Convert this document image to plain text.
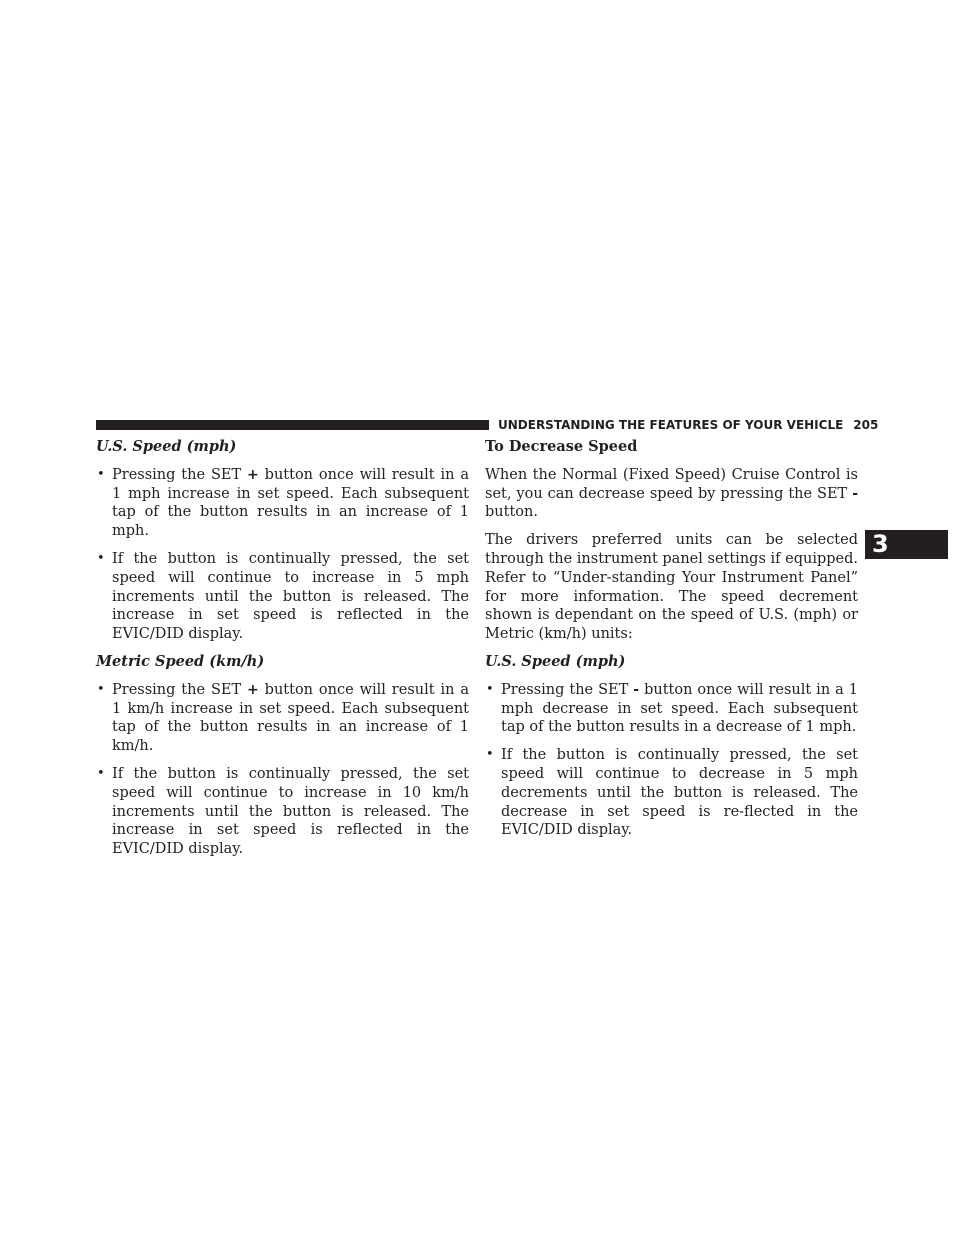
UNDERSTANDING THE FEATURES OF YOUR VEHICLE 205
3

U.S. Speed (mph)

• Pressing the SET + button once will result in a 1 mph increase in set speed. Each subsequent tap of the button results in an increase of 1 mph.
• If the button is continually pressed, the set speed will continue to increase in 5 mph increments until the button is released. The increase in set speed is reflected in the EVIC/DID display.

Metric Speed (km/h)

• Pressing the SET + button once will result in a 1 km/h increase in set speed. Each subsequent tap of the button results in an increase of 1 km/h.
• If the button is continually pressed, the set speed will continue to increase in 10 km/h increments until the button is released. The increase in set speed is reflected in the EVIC/DID display.

To Decrease Speed

When the Normal (Fixed Speed) Cruise Control is set, you can decrease speed by pressing the SET - button.

The drivers preferred units can be selected through the instrument panel settings if equipped. Refer to “Under-standing Your Instrument Panel” for more information. The speed decrement shown is dependant on the speed of U.S. (mph) or Metric (km/h) units:

U.S. Speed (mph)

• Pressing the SET - button once will result in a 1 mph decrease in set speed. Each subsequent tap of the button results in a decrease of 1 mph.
• If the button is continually pressed, the set speed will continue to decrease in 5 mph decrements until the button is released. The decrease in set speed is re-flected in the EVIC/DID display.
